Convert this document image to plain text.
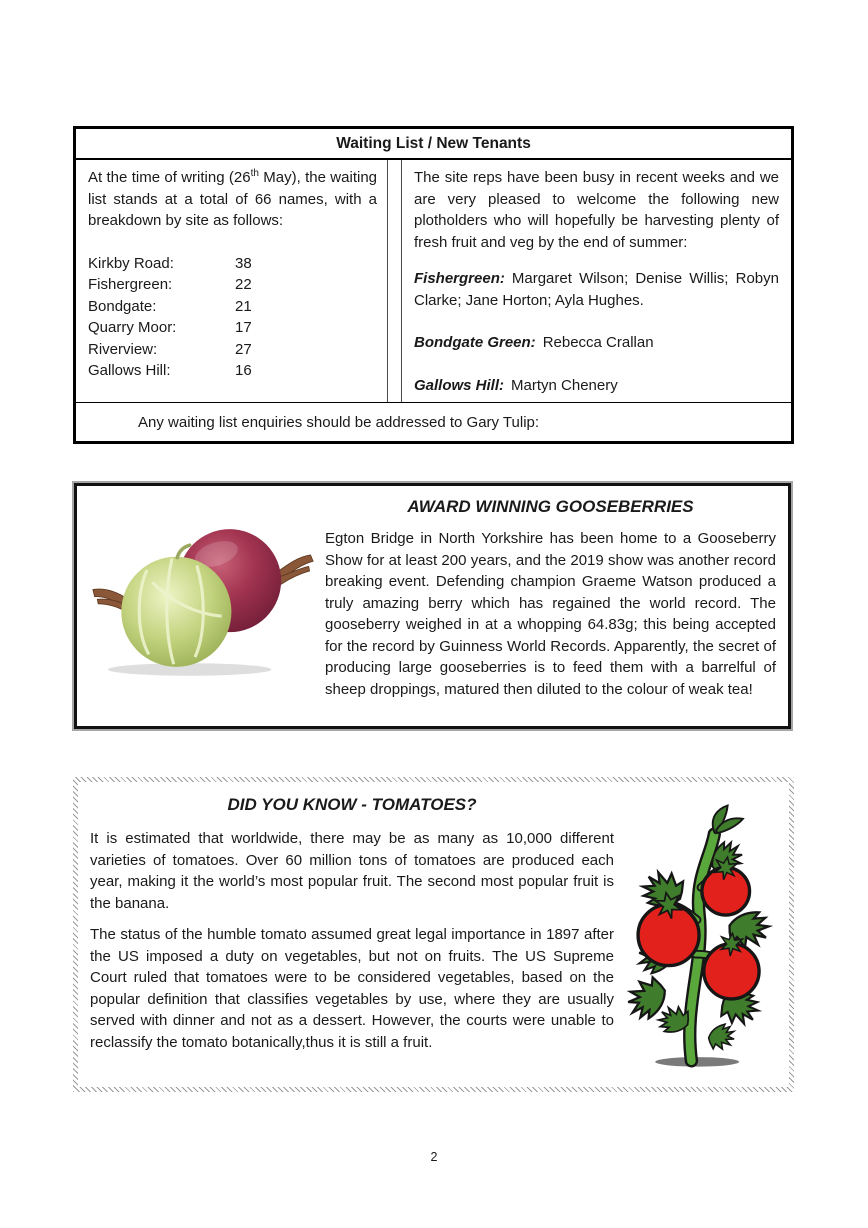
Waiting List / New Tenants

At the time of writing (26th May), the waiting list stands at a total of 66 names, with a breakdown by site as follows:

Kirkby Road:	38
Fishergreen:	22
Bondgate:	21
Quarry Moor:	17
Riverview:	27
Gallows Hill:	16

The site reps have been busy in recent weeks and we are very pleased to welcome the following new plotholders who will hopefully be harvesting plenty of fresh fruit and veg by the end of summer:

Fishergreen: Margaret Wilson; Denise Willis; Robyn Clarke; Jane Horton; Ayla Hughes.

Bondgate Green: Rebecca Crallan

Gallows Hill: Martyn Chenery

Any waiting list enquiries should be addressed to Gary Tulip:
AWARD WINNING GOOSEBERRIES

Egton Bridge in North Yorkshire has been home to a Gooseberry Show for at least 200 years, and the 2019 show was another record breaking event. Defending champion Graeme Watson produced a truly amazing berry which has regained the world record. The gooseberry weighed in at a whopping 64.83g; this being accepted for the record by Guinness World Records. Apparently, the secret of producing large gooseberries is to feed them with a barrelful of sheep droppings, matured then diluted to the colour of weak tea!

DID YOU KNOW - TOMATOES?

It is estimated that worldwide, there may be as many as 10,000 different varieties of tomatoes. Over 60 million tons of tomatoes are produced each year, making it the world’s most popular fruit. The second most popular fruit is the banana.

The status of the humble tomato assumed great legal importance in 1897 after the US imposed a duty on vegetables, but not on fruits. The US Supreme Court ruled that tomatoes were to be considered vegetables, based on the popular definition that classifies vegetables by use, where they are usually served with dinner and not as a dessert. However, the courts were unable to reclassify the tomato botanically,thus it is still a fruit.

2
